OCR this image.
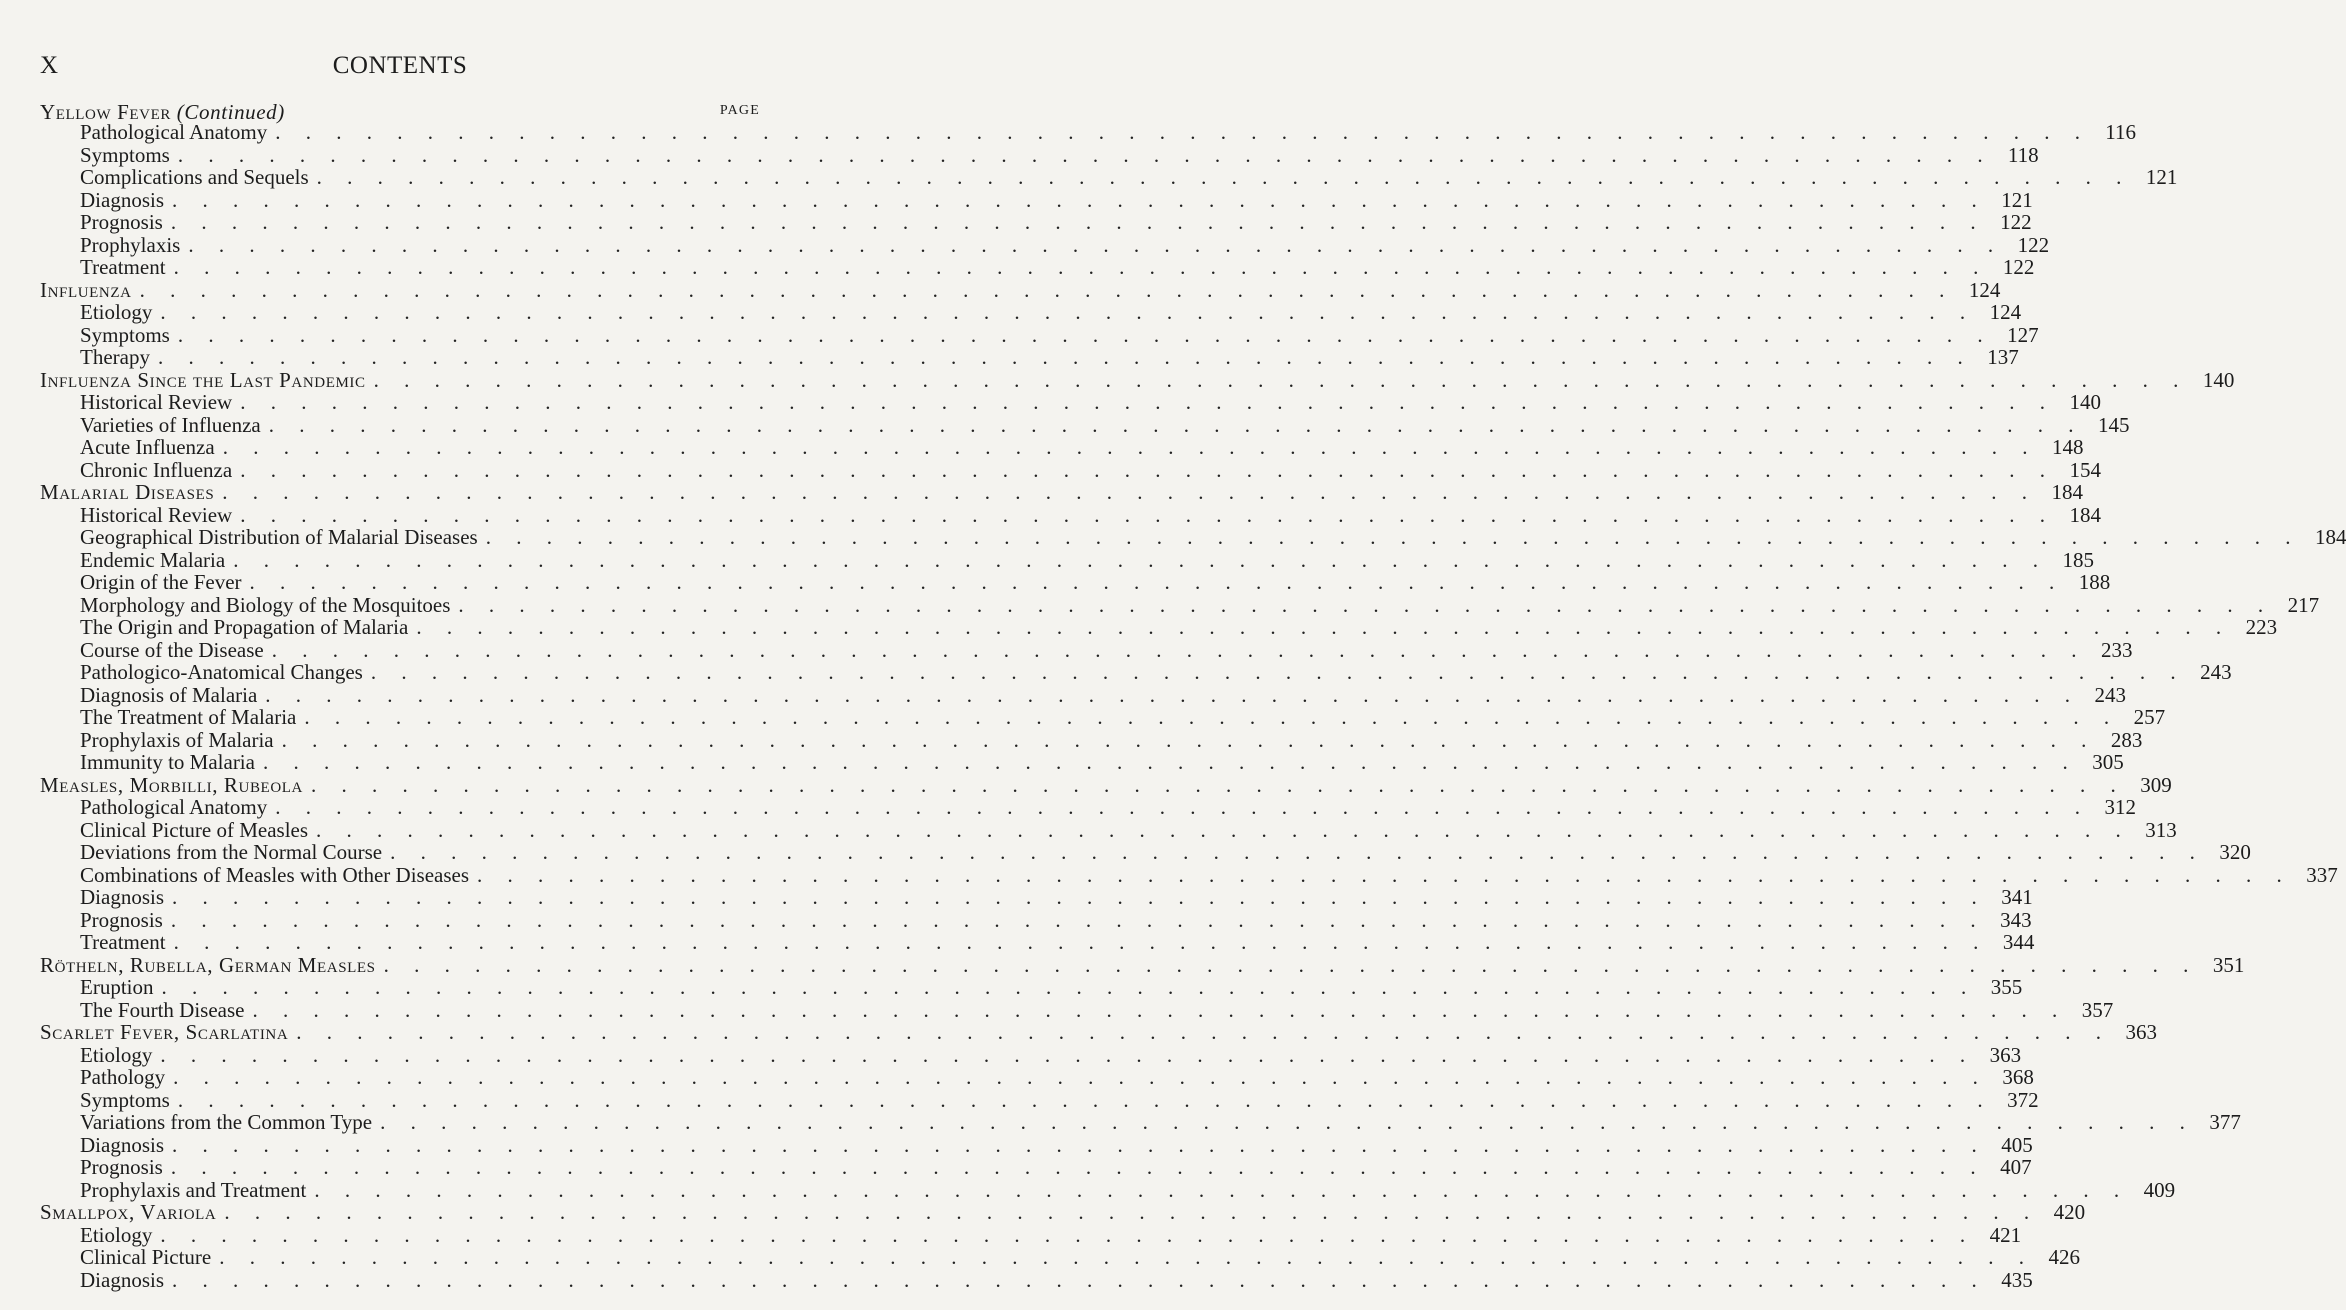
X	CONTENTS
Yellow Fever (Continued)	PAGE
Pathological Anatomy . . . . . . . . . . . . . . . . . . . . . . . . . . . . . . . . . . . . . . . . . . . . . . . . . . . . . . . . . . . . 116
Symptoms . . . . . . . . . . . . . . . . . . . . . . . . . . . . . . . . . . . . . . . . . . . . . . . . . . . . . . . . . . . . 118
Complications and Sequels . . . . . . . . . . . . . . . . . . . . . . . . . . . . . . . . . . . . . . . . . . . . . . . . . . . . . . . . . . . . 121
Diagnosis . . . . . . . . . . . . . . . . . . . . . . . . . . . . . . . . . . . . . . . . . . . . . . . . . . . . . . . . . . . . 121
Prognosis . . . . . . . . . . . . . . . . . . . . . . . . . . . . . . . . . . . . . . . . . . . . . . . . . . . . . . . . . . . . 122
Prophylaxis . . . . . . . . . . . . . . . . . . . . . . . . . . . . . . . . . . . . . . . . . . . . . . . . . . . . . . . . . . . . 122
Treatment . . . . . . . . . . . . . . . . . . . . . . . . . . . . . . . . . . . . . . . . . . . . . . . . . . . . . . . . . . . . 122
Influenza . . . . . . . . . . . . . . . . . . . . . . . . . . . . . . . . . . . . . . . . . . . . . . . . . . . . . . . . . . . . 124
Etiology . . . . . . . . . . . . . . . . . . . . . . . . . . . . . . . . . . . . . . . . . . . . . . . . . . . . . . . . . . . . 124
Symptoms . . . . . . . . . . . . . . . . . . . . . . . . . . . . . . . . . . . . . . . . . . . . . . . . . . . . . . . . . . . . 127
Therapy . . . . . . . . . . . . . . . . . . . . . . . . . . . . . . . . . . . . . . . . . . . . . . . . . . . . . . . . . . . . 137
Influenza Since the Last Pandemic . . . . . . . . . . . . . . . . . . . . . . . . . . . . . . . . . . . . . . . . . . . . . . . . . . . . . . . . . . . . 140
Historical Review . . . . . . . . . . . . . . . . . . . . . . . . . . . . . . . . . . . . . . . . . . . . . . . . . . . . . . . . . . . . 140
Varieties of Influenza . . . . . . . . . . . . . . . . . . . . . . . . . . . . . . . . . . . . . . . . . . . . . . . . . . . . . . . . . . . . 145
Acute Influenza . . . . . . . . . . . . . . . . . . . . . . . . . . . . . . . . . . . . . . . . . . . . . . . . . . . . . . . . . . . . 148
Chronic Influenza . . . . . . . . . . . . . . . . . . . . . . . . . . . . . . . . . . . . . . . . . . . . . . . . . . . . . . . . . . . . 154
Malarial Diseases . . . . . . . . . . . . . . . . . . . . . . . . . . . . . . . . . . . . . . . . . . . . . . . . . . . . . . . . . . . . 184
Historical Review . . . . . . . . . . . . . . . . . . . . . . . . . . . . . . . . . . . . . . . . . . . . . . . . . . . . . . . . . . . . 184
Geographical Distribution of Malarial Diseases . . . . . . . . . . . . . . . . . . . . . . . . . . . . . . . . . . . . . . . . . . . . . . . . . . . . . . . . . . . . 184
Endemic Malaria . . . . . . . . . . . . . . . . . . . . . . . . . . . . . . . . . . . . . . . . . . . . . . . . . . . . . . . . . . . . 185
Origin of the Fever . . . . . . . . . . . . . . . . . . . . . . . . . . . . . . . . . . . . . . . . . . . . . . . . . . . . . . . . . . . . 188
Morphology and Biology of the Mosquitoes . . . . . . . . . . . . . . . . . . . . . . . . . . . . . . . . . . . . . . . . . . . . . . . . . . . . . . . . . . . . 217
The Origin and Propagation of Malaria . . . . . . . . . . . . . . . . . . . . . . . . . . . . . . . . . . . . . . . . . . . . . . . . . . . . . . . . . . . . 223
Course of the Disease . . . . . . . . . . . . . . . . . . . . . . . . . . . . . . . . . . . . . . . . . . . . . . . . . . . . . . . . . . . . 233
Pathologico-Anatomical Changes . . . . . . . . . . . . . . . . . . . . . . . . . . . . . . . . . . . . . . . . . . . . . . . . . . . . . . . . . . . . 243
Diagnosis of Malaria . . . . . . . . . . . . . . . . . . . . . . . . . . . . . . . . . . . . . . . . . . . . . . . . . . . . . . . . . . . . 243
The Treatment of Malaria . . . . . . . . . . . . . . . . . . . . . . . . . . . . . . . . . . . . . . . . . . . . . . . . . . . . . . . . . . . . 257
Prophylaxis of Malaria . . . . . . . . . . . . . . . . . . . . . . . . . . . . . . . . . . . . . . . . . . . . . . . . . . . . . . . . . . . . 283
Immunity to Malaria . . . . . . . . . . . . . . . . . . . . . . . . . . . . . . . . . . . . . . . . . . . . . . . . . . . . . . . . . . . . 305
Measles, Morbilli, Rubeola . . . . . . . . . . . . . . . . . . . . . . . . . . . . . . . . . . . . . . . . . . . . . . . . . . . . . . . . . . . . 309
Pathological Anatomy . . . . . . . . . . . . . . . . . . . . . . . . . . . . . . . . . . . . . . . . . . . . . . . . . . . . . . . . . . . . 312
Clinical Picture of Measles . . . . . . . . . . . . . . . . . . . . . . . . . . . . . . . . . . . . . . . . . . . . . . . . . . . . . . . . . . . . 313
Deviations from the Normal Course . . . . . . . . . . . . . . . . . . . . . . . . . . . . . . . . . . . . . . . . . . . . . . . . . . . . . . . . . . . . 320
Combinations of Measles with Other Diseases . . . . . . . . . . . . . . . . . . . . . . . . . . . . . . . . . . . . . . . . . . . . . . . . . . . . . . . . . . . . 337
Diagnosis . . . . . . . . . . . . . . . . . . . . . . . . . . . . . . . . . . . . . . . . . . . . . . . . . . . . . . . . . . . . 341
Prognosis . . . . . . . . . . . . . . . . . . . . . . . . . . . . . . . . . . . . . . . . . . . . . . . . . . . . . . . . . . . . 343
Treatment . . . . . . . . . . . . . . . . . . . . . . . . . . . . . . . . . . . . . . . . . . . . . . . . . . . . . . . . . . . . 344
Rötheln, Rubella, German Measles . . . . . . . . . . . . . . . . . . . . . . . . . . . . . . . . . . . . . . . . . . . . . . . . . . . . . . . . . . . . 351
Eruption . . . . . . . . . . . . . . . . . . . . . . . . . . . . . . . . . . . . . . . . . . . . . . . . . . . . . . . . . . . . 355
The Fourth Disease . . . . . . . . . . . . . . . . . . . . . . . . . . . . . . . . . . . . . . . . . . . . . . . . . . . . . . . . . . . . 357
Scarlet Fever, Scarlatina . . . . . . . . . . . . . . . . . . . . . . . . . . . . . . . . . . . . . . . . . . . . . . . . . . . . . . . . . . . . 363
Etiology . . . . . . . . . . . . . . . . . . . . . . . . . . . . . . . . . . . . . . . . . . . . . . . . . . . . . . . . . . . . 363
Pathology . . . . . . . . . . . . . . . . . . . . . . . . . . . . . . . . . . . . . . . . . . . . . . . . . . . . . . . . . . . . 368
Symptoms . . . . . . . . . . . . . . . . . . . . . . . . . . . . . . . . . . . . . . . . . . . . . . . . . . . . . . . . . . . . 372
Variations from the Common Type . . . . . . . . . . . . . . . . . . . . . . . . . . . . . . . . . . . . . . . . . . . . . . . . . . . . . . . . . . . . 377
Diagnosis . . . . . . . . . . . . . . . . . . . . . . . . . . . . . . . . . . . . . . . . . . . . . . . . . . . . . . . . . . . . 405
Prognosis . . . . . . . . . . . . . . . . . . . . . . . . . . . . . . . . . . . . . . . . . . . . . . . . . . . . . . . . . . . . 407
Prophylaxis and Treatment . . . . . . . . . . . . . . . . . . . . . . . . . . . . . . . . . . . . . . . . . . . . . . . . . . . . . . . . . . . . 409
Smallpox, Variola . . . . . . . . . . . . . . . . . . . . . . . . . . . . . . . . . . . . . . . . . . . . . . . . . . . . . . . . . . . . 420
Etiology . . . . . . . . . . . . . . . . . . . . . . . . . . . . . . . . . . . . . . . . . . . . . . . . . . . . . . . . . . . . 421
Clinical Picture . . . . . . . . . . . . . . . . . . . . . . . . . . . . . . . . . . . . . . . . . . . . . . . . . . . . . . . . . . . . 426
Diagnosis . . . . . . . . . . . . . . . . . . . . . . . . . . . . . . . . . . . . . . . . . . . . . . . . . . . . . . . . . . . . 435
